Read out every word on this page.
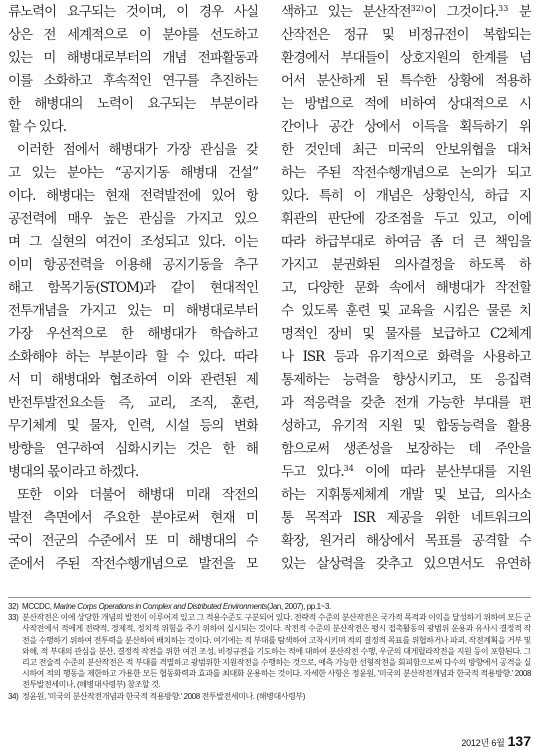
류노력이 요구되는 것이며, 이 경우 사실
상은 전 세계적으로 이 분야를 선도하고
있는 미 해병대로부터의 개념 전파활동과
이를 소화하고 후속적인 연구를 추진하는
한 해병대의 노력이 요구되는 부분이라
할 수 있다.
이러한 점에서 해병대가 가장 관심을 갖
고 있는 분야는 “공지기동 해병대 건설”
이다. 해병대는 현재 전력발전에 있어 항
공전력에 매우 높은 관심을 가지고 있으
며 그 실현의 여건이 조성되고 있다. 이는
이미 항공전력을 이용해 공지기동을 추구
해고 함목기동(STOM)과 같이 현대적인
전투개념을 가지고 있는 미 해병대로부터
가장 우선적으로 한 해병대가 학습하고
소화해야 하는 부분이라 할 수 있다. 따라
서 미 해병대와 협조하여 이와 관련된 제
반전투발전요소들 즉, 교리, 조직, 훈련,
무기체계 및 물자, 인력, 시설 등의 변화
방향을 연구하여 심화시키는 것은 한 해
병대의 몫이라고 하겠다.
또한 이와 더불어 해병대 미래 작전의
발전 측면에서 주요한 분야로써 현재 미
국이 전군의 수준에서 또 미 해병대의 수
준에서 주된 작전수행개념으로 발전을 모
색하고 있는 분산작전$^{32)}$이 그것이다.$^{33}$ 분
산작전은 정규 및 비정규전이 복합되는
환경에서 부대들이 상호지원의 한계를 넘
어서 분산하게 된 특수한 상황에 적용하
는 방법으로 적에 비하여 상대적으로 시
간이나 공간 상에서 이득을 획득하기 위
한 것인데 최근 미국의 안보위협을 대처
하는 주된 작전수행개념으로 논의가 되고
있다. 특히 이 개념은 상황인식, 하급 지
휘관의 판단에 강조점을 두고 있고, 이에
따라 하급부대로 하여금 좀 더 큰 책임을
가지고 분권화된 의사결정을 하도록 하
고, 다양한 문화 속에서 해병대가 작전할
수 있도록 훈련 및 교육을 시킴은 물론 치
명적인 장비 및 물자를 보급하고 C2체계
나 ISR 등과 유기적으로 화력을 사용하고
통제하는 능력을 향상시키고, 또 응집력
과 적응력을 갖춘 전개 가능한 부대를 편
성하고, 유기적 지원 및 합동능력을 활용
함으로써 생존성을 보장하는 데 주안을
두고 있다.$^{34}$ 이에 따라 분산부대를 지원
하는 지휘통제체계 개발 및 보급, 의사소
통 목적과 ISR 제공을 위한 네트워크의
확장, 원거리 해상에서 목표를 공격할 수
있는 살상력을 갖추고 있으면서도 유연하
32) MCCDC, Marine Corps Operations in Complex and Distributed Environments(Jan, 2007), pp.1~3.
33) 분산작전은 이에 상당한 개념의 발전이 이루어져 있고 그 적용수준도 구분되어 있다. 전략적 수준의 분산작전은 국가적 목적과 이익을 달성하기 위하여 모든 군사작전에서 적에게 전략적, 경제적, 정치적 위험을 주기 위하여 실시되는 것이다. 작전적 수준의 분산작전은 평시 접촉활동의 광범위 운용과 유사시 결정적 작전을 수행하기 위하여 전투력을 분산하여 배치하는 것이다. 여기에는 적 부대를 탐색하여 고착시키며 적의 결정적 목표를 위협하거나 파괴, 작전계획을 거부 및 와해, 적 부대의 관심을 분산, 결정적 작전을 위한 여건 조성, 비정규전을 기도하는 적에 대하여 분산작전 수행, 우군의 대게릴라작전을 지원 등이 포함된다. 그리고 전술적 수준의 분산작전은 적 부대를 격멸하고 광범위한 지원작전을 수행하는 것으로, 예측 가능한 선형작전을 회피함으로써 다수의 방향에서 공격을 실시하여 적의 행동을 제한하고 가용한 모든 협동화력과 효과를 최대화 운용하는 것이다. 자세한 사항은 정윤원, '미국의 분산작전개념과 한국적 적용방향.' 2008 전투발전세미나, (해병대사령부) 참조할 것.
34) 정윤원, '미국의 분산작전개념과 한국적 적용방향.' 2008 전투발전세미나. (해병대사령부)
2012년 6월 137
